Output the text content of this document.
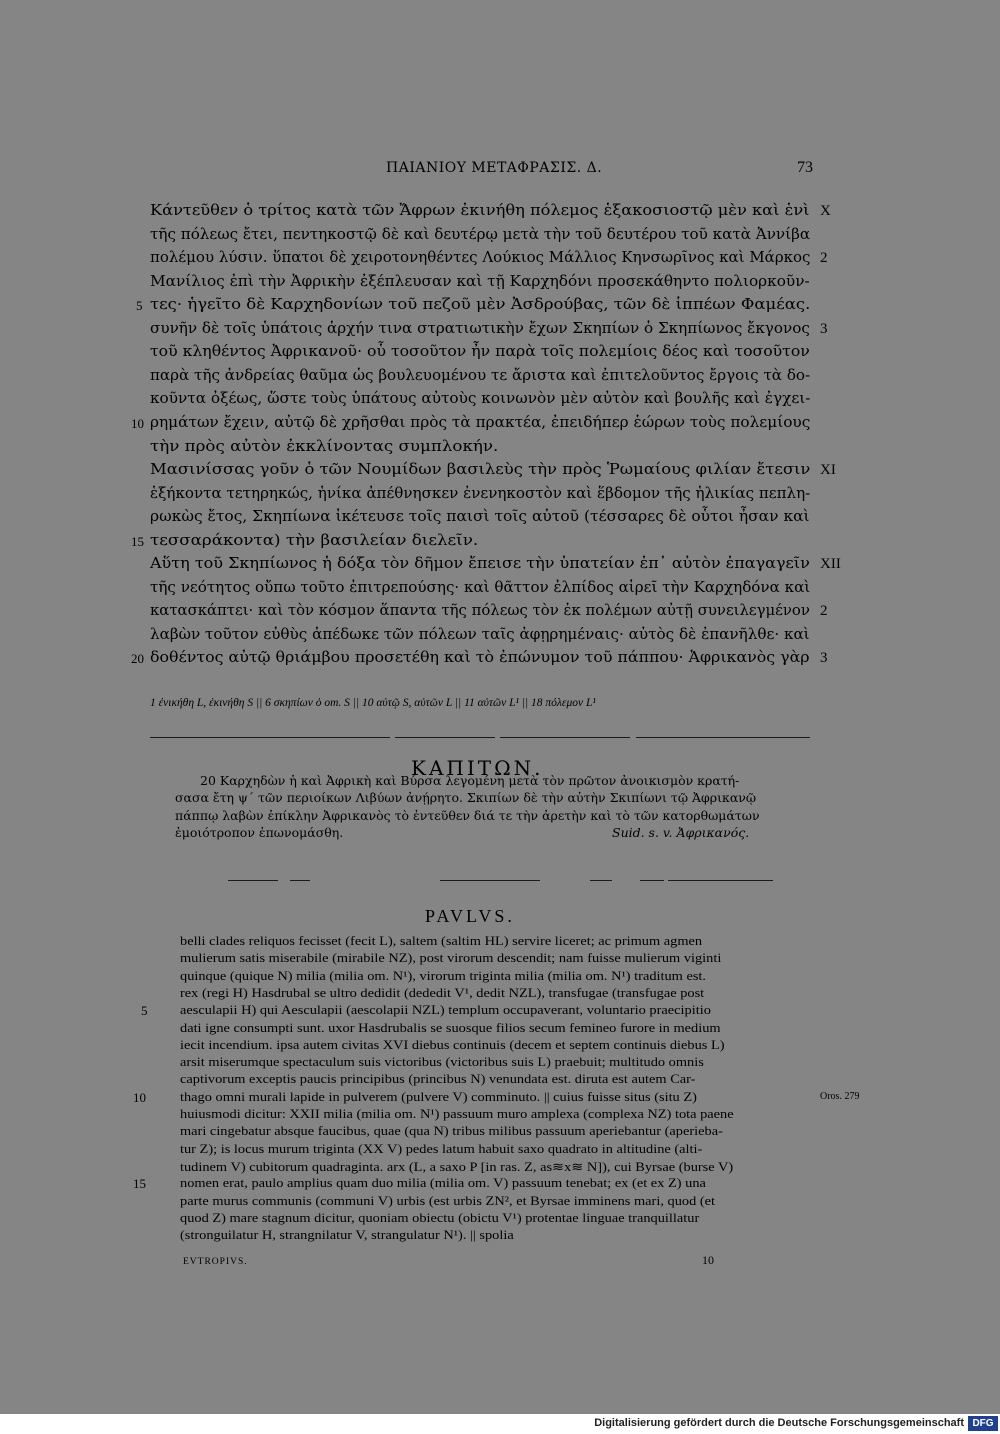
ΠΑΙΑΝΙΟΥ ΜΕΤΑΦΡΑΣΙΣ. Δ.	73
Κάντεῦθεν ὁ τρίτος κατὰ τῶν Ἄφρων ἐκινήθη πόλεμος ἑξακοσιοστῷ μὲν καὶ ἑνὶ
τῆς πόλεως ἔτει, πεντηκοστῷ δὲ καὶ δευτέρῳ μετὰ τὴν τοῦ δευτέρου τοῦ κατὰ Ἀννίβα
πολέμου λύσιν. ὕπατοι δὲ χειροτονηθέντες Λούκιος Μάλλιος Κηνσωρῖνος καὶ Μάρκος
Μανίλιος ἐπὶ τὴν Ἀφρικὴν ἐξέπλευσαν καὶ τῇ Καρχηδόνι προσεκάθηντο πολιορκοῦν-
τες· ἡγεῖτο δὲ Καρχηδονίων τοῦ πεζοῦ μὲν Ἀσδρούβας, τῶν δὲ ἱππέων Φαμέας.
συνῆν δὲ τοῖς ὑπάτοις ἀρχήν τινα στρατιωτικὴν ἔχων Σκηπίων ὁ Σκηπίωνος ἔκγονος
τοῦ κληθέντος Ἀφρικανοῦ· οὗ τοσοῦτον ἦν παρὰ τοῖς πολεμίοις δέος καὶ τοσοῦτον
παρὰ τῆς ἀνδρείας θαῦμα ὡς βουλευομένου τε ἄριστα καὶ ἐπιτελοῦντος ἔργοις τὰ δο-
κοῦντα ὀξέως, ὥστε τοὺς ὑπάτους αὐτοὺς κοινωνὸν μὲν αὐτὸν καὶ βουλῆς καὶ ἐγχει-
ρημάτων ἔχειν, αὐτῷ δὲ χρῆσθαι πρὸς τὰ πρακτέα, ἐπειδήπερ ἑώρων τοὺς πολεμίους
τὴν πρὸς αὐτὸν ἐκκλίνοντας συμπλοκήν.
Μασινίσσας γοῦν ὁ τῶν Νουμίδων βασιλεὺς τὴν πρὸς Ῥωμαίους φιλίαν ἔτεσιν
ἑξήκοντα τετηρηκώς, ἡνίκα ἀπέθνησκεν ἐνενηκοστὸν καὶ ἕβδομον τῆς ἡλικίας πεπλη-
ρωκὼς ἔτος, Σκηπίωνα ἱκέτευσε τοῖς παισὶ τοῖς αὐτοῦ (τέσσαρες δὲ οὗτοι ἦσαν καὶ
τεσσαράκοντα) τὴν βασιλείαν διελεῖν.
Αὕτη τοῦ Σκηπίωνος ἡ δόξα τὸν δῆμον ἔπεισε τὴν ὑπατείαν ἐπ᾽ αὐτὸν ἐπαγαγεῖν
τῆς νεότητος οὔπω τοῦτο ἐπιτρεπούσης· καὶ θᾶττον ἐλπίδος αἱρεῖ τὴν Καρχηδόνα καὶ
κατασκάπτει· καὶ τὸν κόσμον ἅπαντα τῆς πόλεως τὸν ἐκ πολέμων αὐτῇ συνειλεγμένον
λαβὼν τοῦτον εὐθὺς ἀπέδωκε τῶν πόλεων ταῖς ἀφῃρημέναις· αὐτὸς δὲ ἐπανῆλθε· καὶ
δοθέντος αὐτῷ θριάμβου προσετέθη καὶ τὸ ἐπώνυμον τοῦ πάππου· Ἀφρικανὸς γὰρ
5
10
15
20
X
2
3
XI
XII
2
3
1 ἐνικήθη L, ἐκινήθη S || 6 σκηπίων ὁ om. S || 10 αὐτῷ S, αὐτῶν L || 11 αὐτῶν L¹ || 18 πόλεμον L¹
ΚΑΠΙΤΩΝ.
20 Καρχηδὼν ἡ καὶ Ἀφρικὴ καὶ Βύρσα λεγομένη μετὰ τὸν πρῶτον ἀνοικισμὸν κρατή-
σασα ἔτη ψ´ τῶν περιοίκων Λιβύων ἀνῄρητο. Σκιπίων δὲ τὴν αὐτὴν Σκιπίωνι τῷ Ἀφρικανῷ
πάππῳ λαβὼν ἐπίκλην Ἀφρικανὸς τὸ ἐντεῦθεν διά τε τὴν ἀρετὴν καὶ τὸ τῶν κατορθωμάτων
ἐμοιότροπον ἐπωνομάσθη.	Suid. s. v. Ἀφρικανός.
PAVLVS.
belli clades reliquos fecisset (fecit L), saltem (saltim HL) servire liceret; ac primum agmen
mulierum satis miserabile (mirabile NZ), post virorum descendit; nam fuisse mulierum viginti
quinque (quique N) milia (milia om. N¹), virorum triginta milia (milia om. N¹) traditum est.
rex (regi H) Hasdrubal se ultro dedidit (dededit V¹, dedit NZL), transfugae (transfugae post
aesculapii H) qui Aesculapii (aescolapii NZL) templum occupaverant, voluntario praecipitio
dati igne consumpti sunt. uxor Hasdrubalis se suosque filios secum femineo furore in medium
iecit incendium. ipsa autem civitas XVI diebus continuis (decem et septem continuis diebus L)
arsit miserumque spectaculum suis victoribus (victoribus suis L) praebuit; multitudo omnis
captivorum exceptis paucis principibus (princibus N) venundata est. diruta est autem Car-
thago omni murali lapide in pulverem (pulvere V) comminuto. || cuius fuisse situs (situ Z)
huiusmodi dicitur: XXII milia (milia om. N¹) passuum muro amplexa (complexa NZ) tota paene
mari cingebatur absque faucibus, quae (qua N) tribus milibus passuum aperiebantur (aperieba-
tur Z); is locus murum triginta (XX V) pedes latum habuit saxo quadrato in altitudine (alti-
tudinem V) cubitorum quadraginta. arx (L, a saxo P [in ras. Z, as≋x≋ N]), cui Byrsae (burse V)
nomen erat, paulo amplius quam duo milia (milia om. V) passuum tenebat; ex (et ex Z) una
parte murus communis (communi V) urbis (est urbis ZN², et Byrsae imminens mari, quod (et
quod Z) mare stagnum dicitur, quoniam obiectu (obictu V¹) protentae linguae tranquillatur
(stronguilatur H, strangnilatur V, strangulatur N¹). || spolia
5
10
15
Oros. 279
EVTROPIVS.	10
Digitalisierung gefördert durch die Deutsche Forschungsgemeinschaft DFG
